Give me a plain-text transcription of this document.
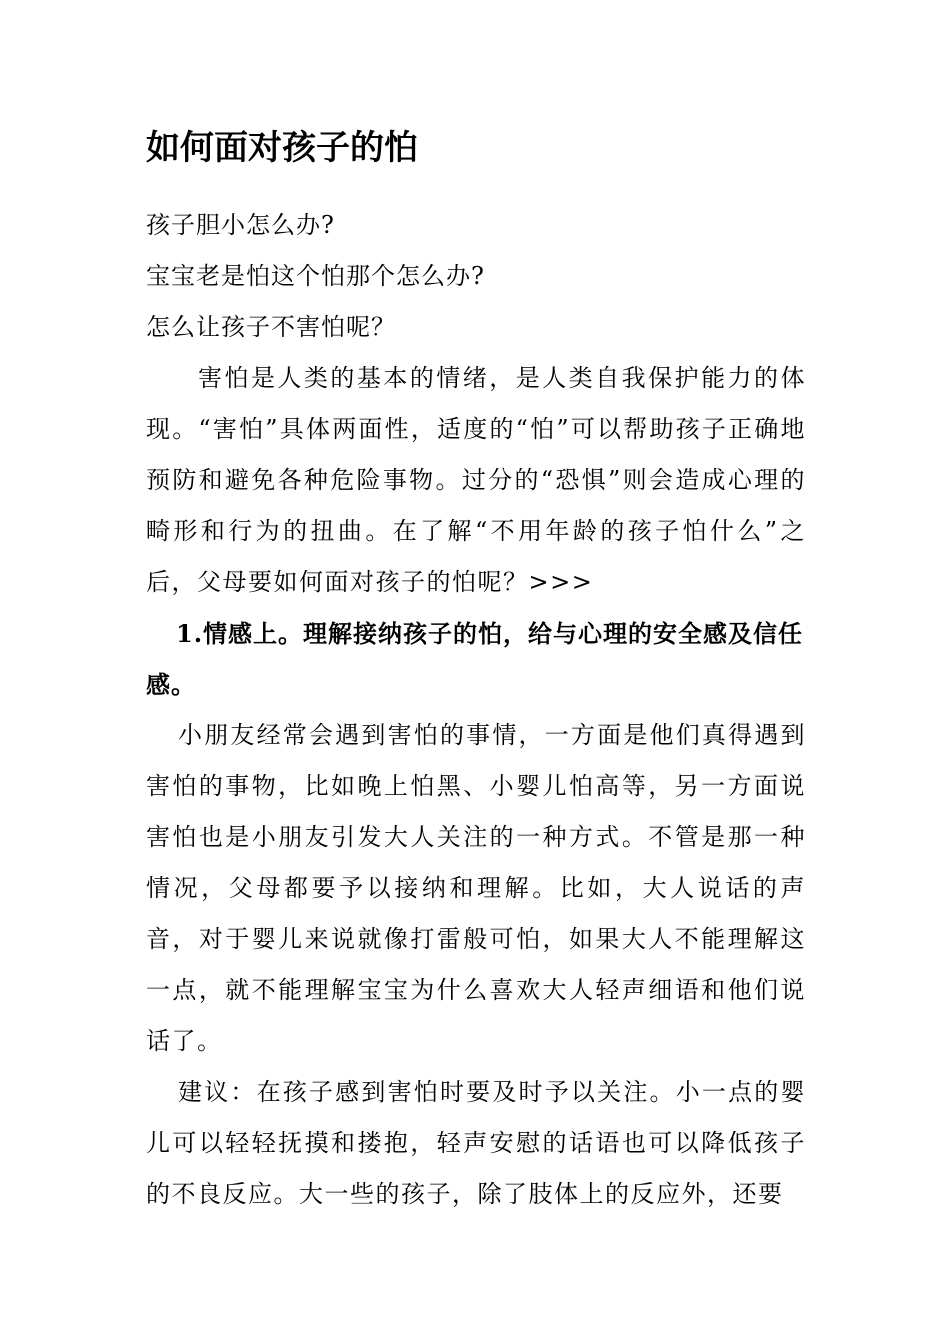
如何面对孩子的怕

孩子胆小怎么办?

宝宝老是怕这个怕那个怎么办?

怎么让孩子不害怕呢？

害怕是人类的基本的情绪，是人类自我保护能力的体现。“害怕”具体两面性，适度的“怕”可以帮助孩子正确地预防和避免各种危险事物。过分的“恐惧”则会造成心理的畸形和行为的扭曲。在了解“不用年龄的孩子怕什么”之后，父母要如何面对孩子的怕呢？>>>

1.情感上。理解接纳孩子的怕，给与心理的安全感及信任感。

小朋友经常会遇到害怕的事情，一方面是他们真得遇到害怕的事物，比如晚上怕黑、小婴儿怕高等，另一方面说害怕也是小朋友引发大人关注的一种方式。不管是那一种情况，父母都要予以接纳和理解。比如，大人说话的声音，对于婴儿来说就像打雷般可怕，如果大人不能理解这一点，就不能理解宝宝为什么喜欢大人轻声细语和他们说话了。

建议：在孩子感到害怕时要及时予以关注。小一点的婴儿可以轻轻抚摸和搂抱，轻声安慰的话语也可以降低孩子的不良反应。大一些的孩子，除了肢体上的反应外，还要
